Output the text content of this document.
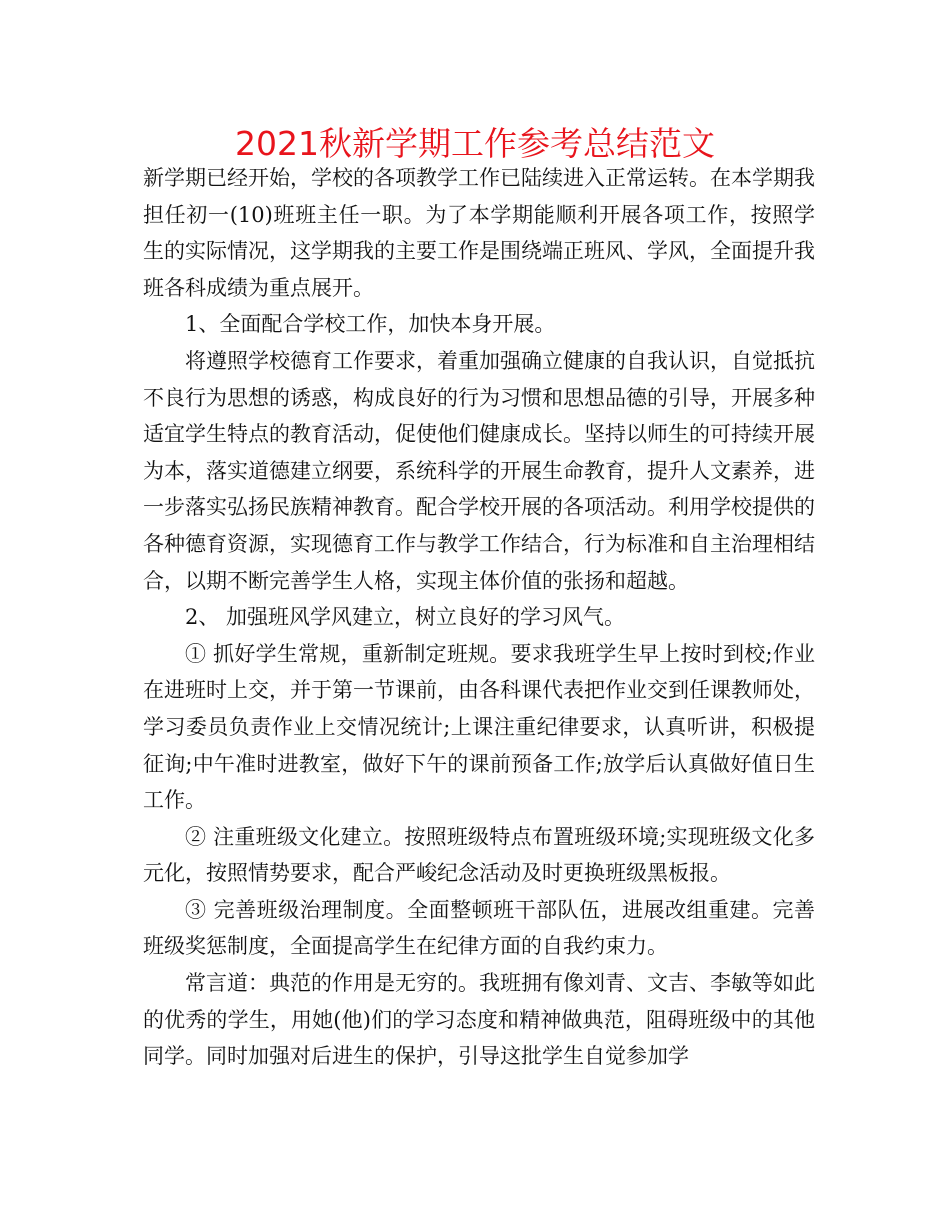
2021秋新学期工作参考总结范文

新学期已经开始，学校的各项教学工作已陆续进入正常运转。在本学期我担任初一(10)班班主任一职。为了本学期能顺利开展各项工作，按照学生的实际情况，这学期我的主要工作是围绕端正班风、学风，全面提升我班各科成绩为重点展开。

1、全面配合学校工作，加快本身开展。

将遵照学校德育工作要求，着重加强确立健康的自我认识，自觉抵抗不良行为思想的诱惑，构成良好的行为习惯和思想品德的引导，开展多种适宜学生特点的教育活动，促使他们健康成长。坚持以师生的可持续开展为本，落实道德建立纲要，系统科学的开展生命教育，提升人文素养，进一步落实弘扬民族精神教育。配合学校开展的各项活动。利用学校提供的各种德育资源，实现德育工作与教学工作结合，行为标准和自主治理相结合，以期不断完善学生人格，实现主体价值的张扬和超越。

2、 加强班风学风建立，树立良好的学习风气。

① 抓好学生常规，重新制定班规。要求我班学生早上按时到校;作业在进班时上交，并于第一节课前，由各科课代表把作业交到任课教师处，学习委员负责作业上交情况统计;上课注重纪律要求，认真听讲，积极提征询;中午准时进教室，做好下午的课前预备工作;放学后认真做好值日生工作。

② 注重班级文化建立。按照班级特点布置班级环境;实现班级文化多元化，按照情势要求，配合严峻纪念活动及时更换班级黑板报。

③ 完善班级治理制度。全面整顿班干部队伍，进展改组重建。完善班级奖惩制度，全面提高学生在纪律方面的自我约束力。

常言道：典范的作用是无穷的。我班拥有像刘青、文吉、李敏等如此的优秀的学生，用她(他)们的学习态度和精神做典范，阻碍班级中的其他同学。同时加强对后进生的保护，引导这批学生自觉参加学
